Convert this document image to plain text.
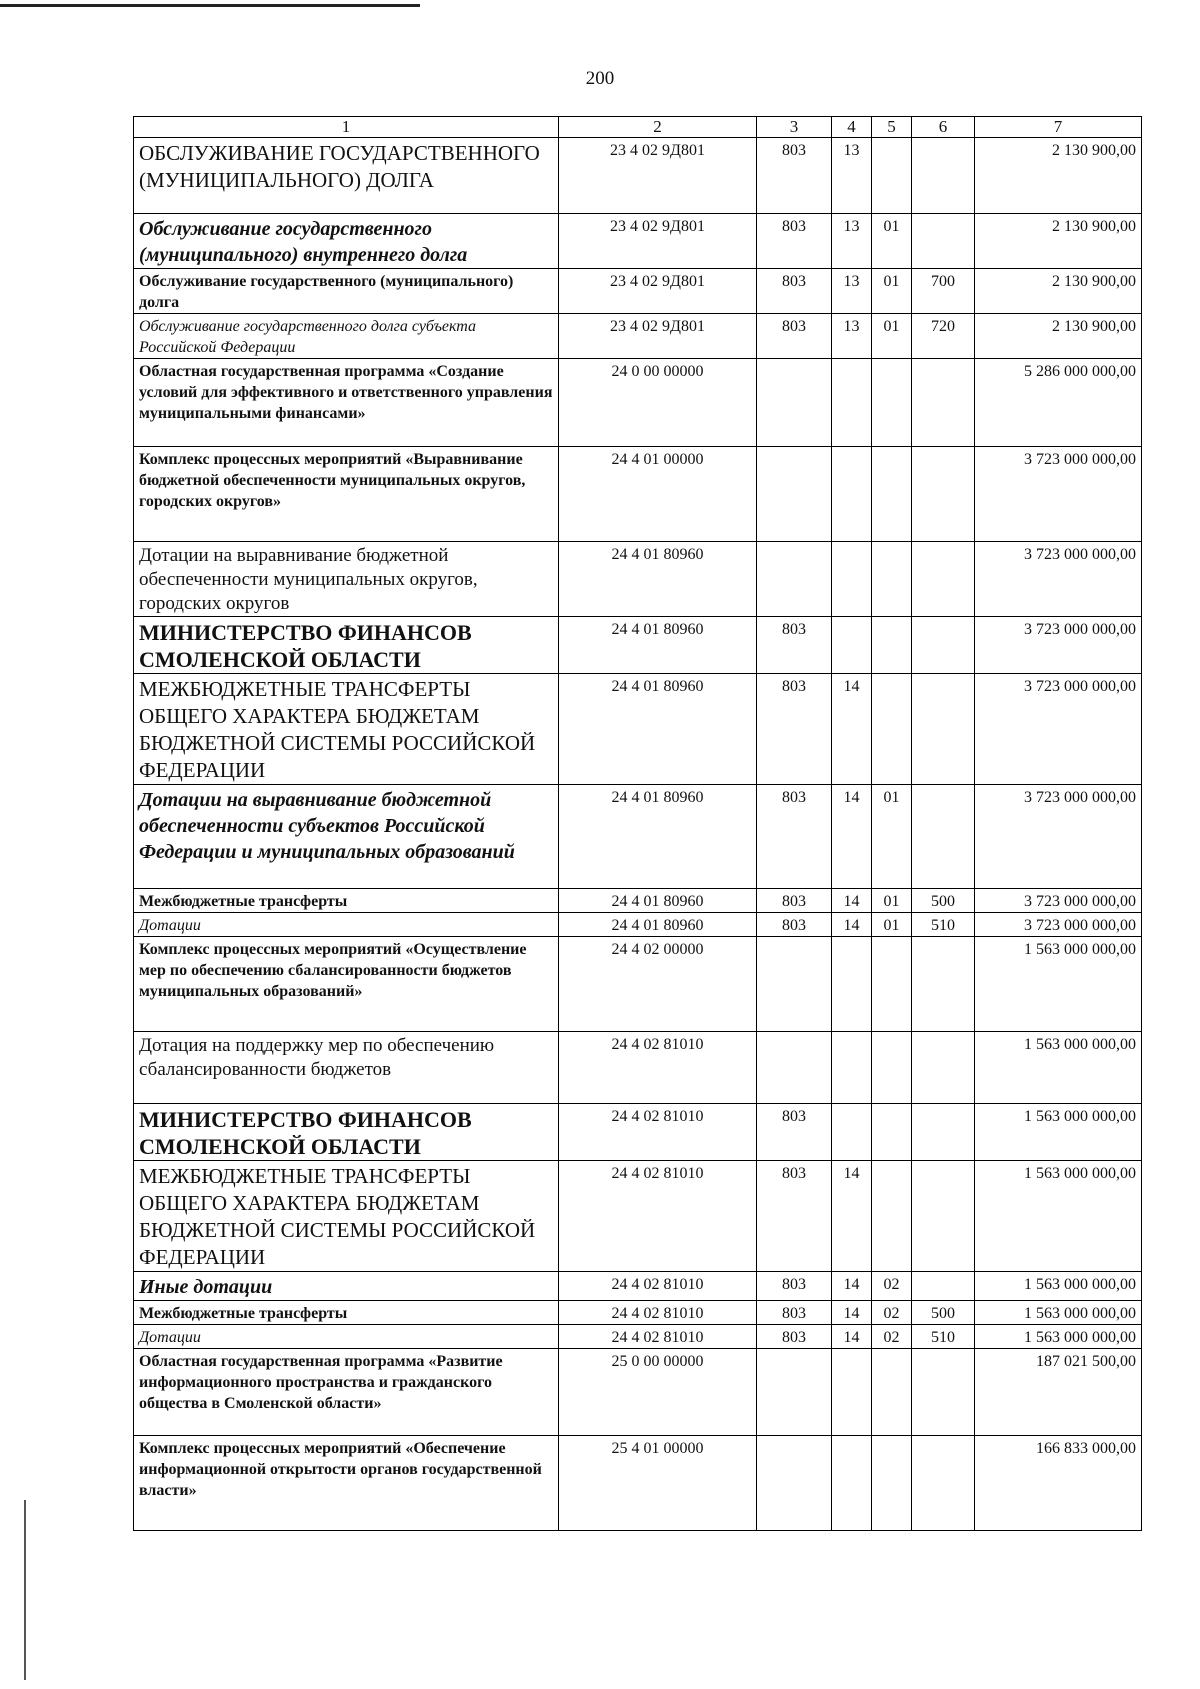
200
1	2	3	4	5	6	7
ОБСЛУЖИВАНИЕ ГОСУДАРСТВЕННОГО (МУНИЦИПАЛЬНОГО) ДОЛГА	23 4 02 9Д801	803	13			2 130 900,00
Обслуживание государственного (муниципального) внутреннего долга	23 4 02 9Д801	803	13	01		2 130 900,00
Обслуживание государственного (муниципального) долга	23 4 02 9Д801	803	13	01	700	2 130 900,00
Обслуживание государственного долга субъекта Российской Федерации	23 4 02 9Д801	803	13	01	720	2 130 900,00
Областная государственная программа «Создание условий для эффективного и ответственного управления муниципальными финансами»	24 0 00 00000					5 286 000 000,00
Комплекс процессных мероприятий «Выравнивание бюджетной обеспеченности муниципальных округов, городских округов»	24 4 01 00000					3 723 000 000,00
Дотации на выравнивание бюджетной обеспеченности муниципальных округов, городских округов	24 4 01 80960					3 723 000 000,00
МИНИСТЕРСТВО ФИНАНСОВ СМОЛЕНСКОЙ ОБЛАСТИ	24 4 01 80960	803				3 723 000 000,00
МЕЖБЮДЖЕТНЫЕ ТРАНСФЕРТЫ ОБЩЕГО ХАРАКТЕРА БЮДЖЕТАМ БЮДЖЕТНОЙ СИСТЕМЫ РОССИЙСКОЙ ФЕДЕРАЦИИ	24 4 01 80960	803	14			3 723 000 000,00
Дотации на выравнивание бюджетной обеспеченности субъектов Российской Федерации и муниципальных образований	24 4 01 80960	803	14	01		3 723 000 000,00
Межбюджетные трансферты	24 4 01 80960	803	14	01	500	3 723 000 000,00
Дотации	24 4 01 80960	803	14	01	510	3 723 000 000,00
Комплекс процессных мероприятий «Осуществление мер по обеспечению сбалансированности бюджетов муниципальных образований»	24 4 02 00000					1 563 000 000,00
Дотация на поддержку мер по обеспечению сбалансированности бюджетов	24 4 02 81010					1 563 000 000,00
МИНИСТЕРСТВО ФИНАНСОВ СМОЛЕНСКОЙ ОБЛАСТИ	24 4 02 81010	803				1 563 000 000,00
МЕЖБЮДЖЕТНЫЕ ТРАНСФЕРТЫ ОБЩЕГО ХАРАКТЕРА БЮДЖЕТАМ БЮДЖЕТНОЙ СИСТЕМЫ РОССИЙСКОЙ ФЕДЕРАЦИИ	24 4 02 81010	803	14			1 563 000 000,00
Иные дотации	24 4 02 81010	803	14	02		1 563 000 000,00
Межбюджетные трансферты	24 4 02 81010	803	14	02	500	1 563 000 000,00
Дотации	24 4 02 81010	803	14	02	510	1 563 000 000,00
Областная государственная программа «Развитие информационного пространства и гражданского общества в Смоленской области»	25 0 00 00000					187 021 500,00
Комплекс процессных мероприятий «Обеспечение информационной открытости органов государственной власти»	25 4 01 00000					166 833 000,00
